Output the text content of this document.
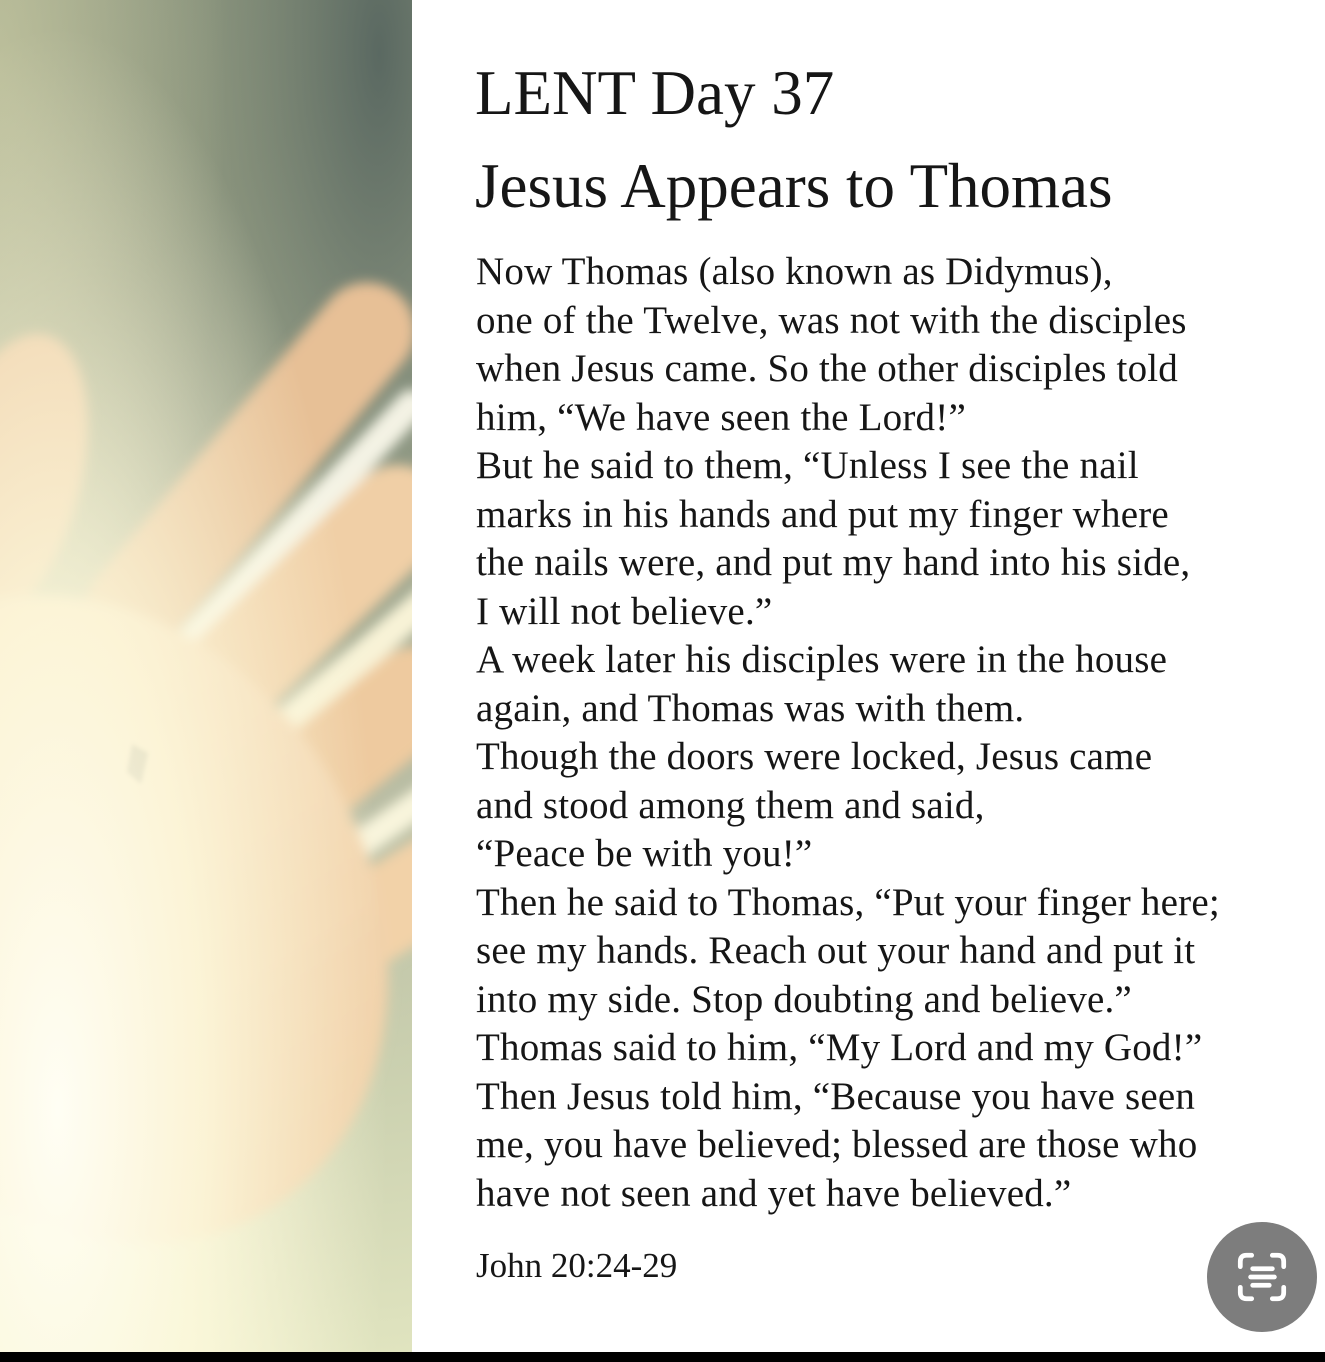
LENT Day 37
Jesus Appears to Thomas
Now Thomas (also known as Didymus),
one of the Twelve, was not with the disciples
when Jesus came. So the other disciples told
him, “We have seen the Lord!”
But he said to them, “Unless I see the nail
marks in his hands and put my finger where
the nails were, and put my hand into his side,
I will not believe.”
A week later his disciples were in the house
again, and Thomas was with them.
Though the doors were locked, Jesus came
and stood among them and said,
“Peace be with you!”
Then he said to Thomas, “Put your finger here;
see my hands. Reach out your hand and put it
into my side. Stop doubting and believe.”
Thomas said to him, “My Lord and my God!”
Then Jesus told him, “Because you have seen
me, you have believed; blessed are those who
have not seen and yet have believed.”
John 20:24-29
